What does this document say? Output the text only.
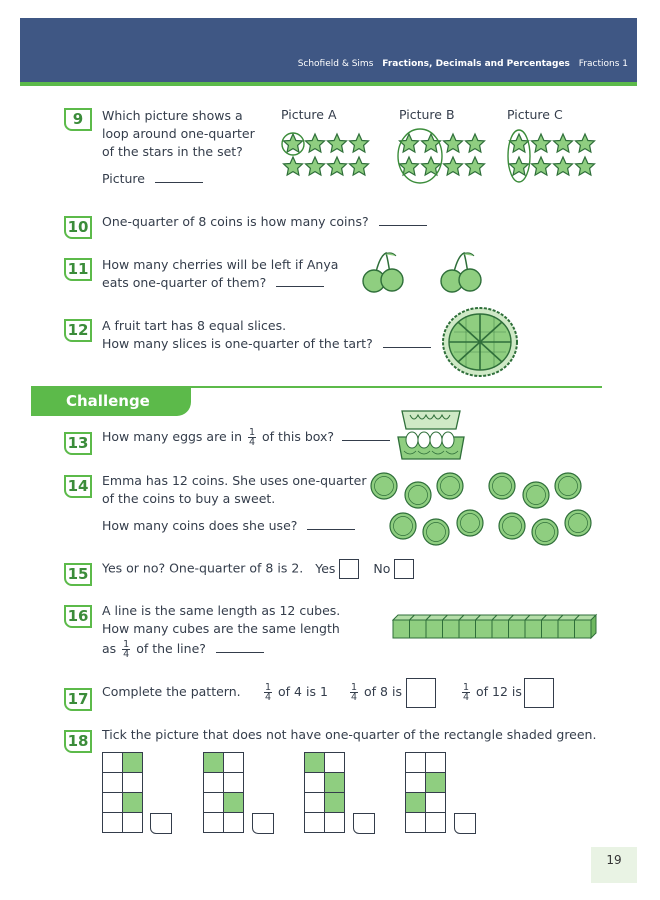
Schofield & Sims Fractions, Decimals and Percentages Fractions 1
9	Which picture shows a
loop around one-quarter
of the stars in the set?
Picture
Picture A	Picture B	Picture C
10 One-quarter of 8 coins is how many coins?
11 How many cherries will be left if Anya
eats one-quarter of them?
12 A fruit tart has 8 equal slices.
How many slices is one-quarter of the tart?
Challenge
13 How many eggs are in $\frac{1}{4}$ of this box?
14 Emma has 12 coins. She uses one-quarter
of the coins to buy a sweet.
How many coins does she use?
15 Yes or no? One-quarter of 8 is 2. Yes	No
16 A line is the same length as 12 cubes.
How many cubes are the same length
as $\frac{1}{4}$ of the line?
17 Complete the pattern. $\frac{1}{4}$ of 4 is $1 \frac{1}{4}$ of 8 is	$\frac{1}{4}$ of 12 is
18 Tick the picture that does not have one-quarter of the rectangle shaded green.

19
